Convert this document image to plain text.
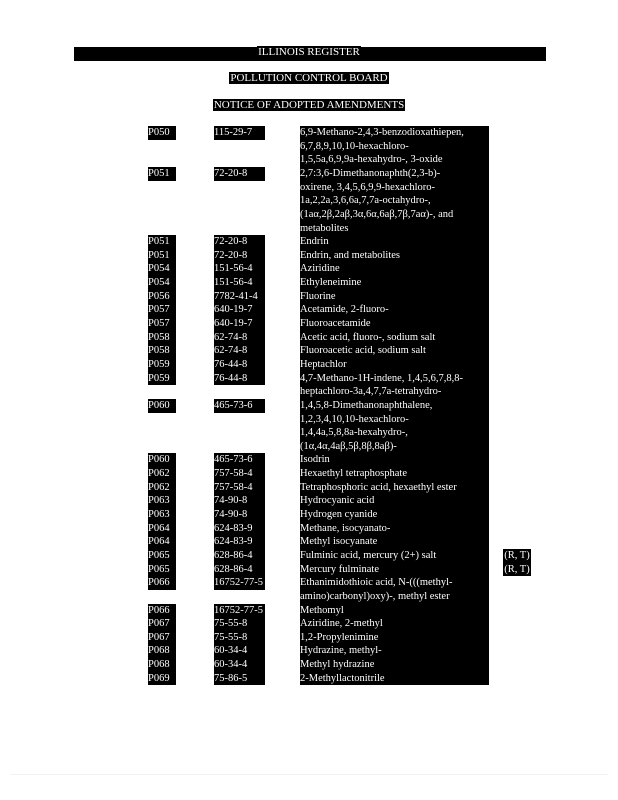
ILLINOIS REGISTER
POLLUTION CONTROL BOARD
NOTICE OF ADOPTED AMENDMENTS
P050	115-29-7	6,9-Methano-2,4,3-benzodioxathiepen,
6,7,8,9,10,10-hexachloro-
1,5,5a,6,9,9a-hexahydro-, 3-oxide
P051	72-20-8	2,7:3,6-Dimethanonaphth(2,3-b)-
oxirene, 3,4,5,6,9,9-hexachloro-
1a,2,2a,3,6,6a,7,7a-octahydro-,
(1aα,2β,2aβ,3α,6α,6aβ,7β,7aα)-, and
metabolites
P051	72-20-8	Endrin
P051	72-20-8	Endrin, and metabolites
P054	151-56-4	Aziridine
P054	151-56-4	Ethyleneimine
P056	7782-41-4	Fluorine
P057	640-19-7	Acetamide, 2-fluoro-
P057	640-19-7	Fluoroacetamide
P058	62-74-8	Acetic acid, fluoro-, sodium salt
P058	62-74-8	Fluoroacetic acid, sodium salt
P059	76-44-8	Heptachlor
P059	76-44-8	4,7-Methano-1H-indene, 1,4,5,6,7,8,8-
heptachloro-3a,4,7,7a-tetrahydro-
P060	465-73-6	1,4,5,8-Dimethanonaphthalene,
1,2,3,4,10,10-hexachloro-
1,4,4a,5,8,8a-hexahydro-,
(1α,4α,4aβ,5β,8β,8aβ)-
P060	465-73-6	Isodrin
P062	757-58-4	Hexaethyl tetraphosphate
P062	757-58-4	Tetraphosphoric acid, hexaethyl ester
P063	74-90-8	Hydrocyanic acid
P063	74-90-8	Hydrogen cyanide
P064	624-83-9	Methane, isocyanato-
P064	624-83-9	Methyl isocyanate
P065	628-86-4	Fulminic acid, mercury (2+) salt	(R, T)
P065	628-86-4	Mercury fulminate	(R, T)
P066	16752-77-5	Ethanimidothioic acid, N-(((methyl-
amino)carbonyl)oxy)-, methyl ester
P066	16752-77-5	Methomyl
P067	75-55-8	Aziridine, 2-methyl
P067	75-55-8	1,2-Propylenimine
P068	60-34-4	Hydrazine, methyl-
P068	60-34-4	Methyl hydrazine
P069	75-86-5	2-Methyllactonitrile
